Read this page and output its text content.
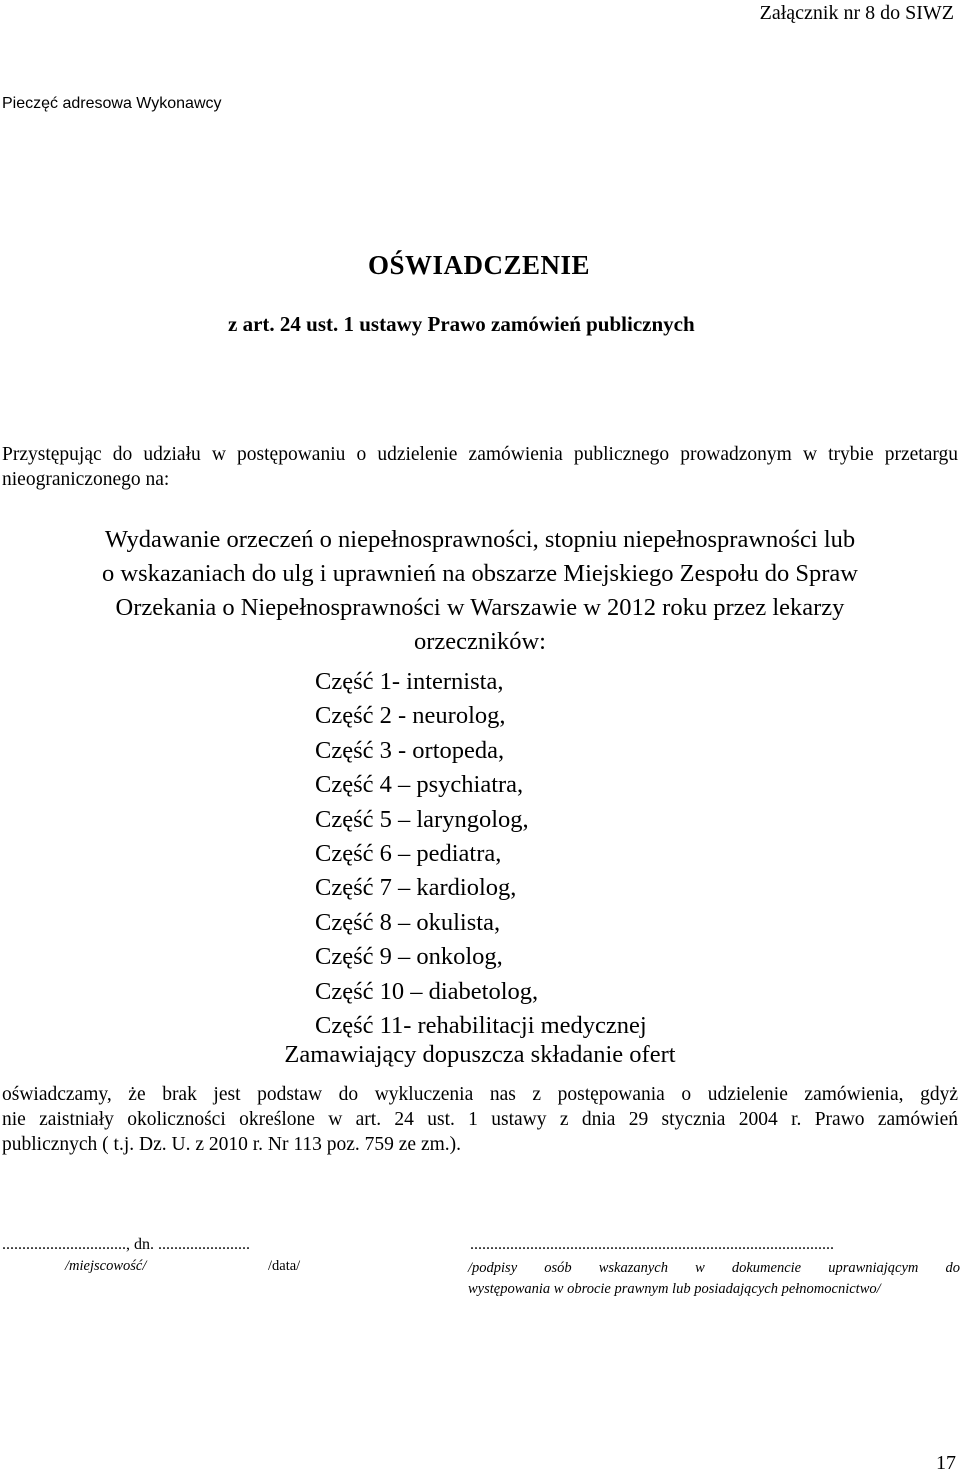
Załącznik nr 8 do SIWZ
Pieczęć adresowa Wykonawcy
OŚWIADCZENIE
z art. 24 ust. 1 ustawy Prawo zamówień publicznych
Przystępując do udziału w postępowaniu o udzielenie zamówienia publicznego prowadzonym w trybie przetargu nieograniczonego na:
Wydawanie orzeczeń o niepełnosprawności, stopniu niepełnosprawności lub
o wskazaniach do ulg i uprawnień na obszarze Miejskiego Zespołu do Spraw
Orzekania o Niepełnosprawności w Warszawie w 2012 roku przez lekarzy
orzeczników:
Część 1- internista,
Część 2 - neurolog,
Część 3 - ortopeda,
Część 4 – psychiatra,
Część 5 – laryngolog,
Część 6 – pediatra,
Część 7 – kardiolog,
Część 8 – okulista,
Część 9 – onkolog,
Część 10 – diabetolog,
Część 11- rehabilitacji medycznej
Zamawiający dopuszcza składanie ofert
oświadczamy, że brak jest podstaw do wykluczenia nas z postępowania o udzielenie zamówienia, gdyż
nie zaistniały okoliczności określone w art. 24 ust. 1 ustawy z dnia 29 stycznia 2004 r. Prawo zamówień
publicznych ( t.j. Dz. U. z 2010 r. Nr 113 poz. 759 ze zm.).
..............................., dn. .......................	...........................................................................................
/miejscowość/	/data/	/podpisy osób wskazanych w dokumencie uprawniającym do
występowania w obrocie prawnym lub posiadających pełnomocnictwo/
17
